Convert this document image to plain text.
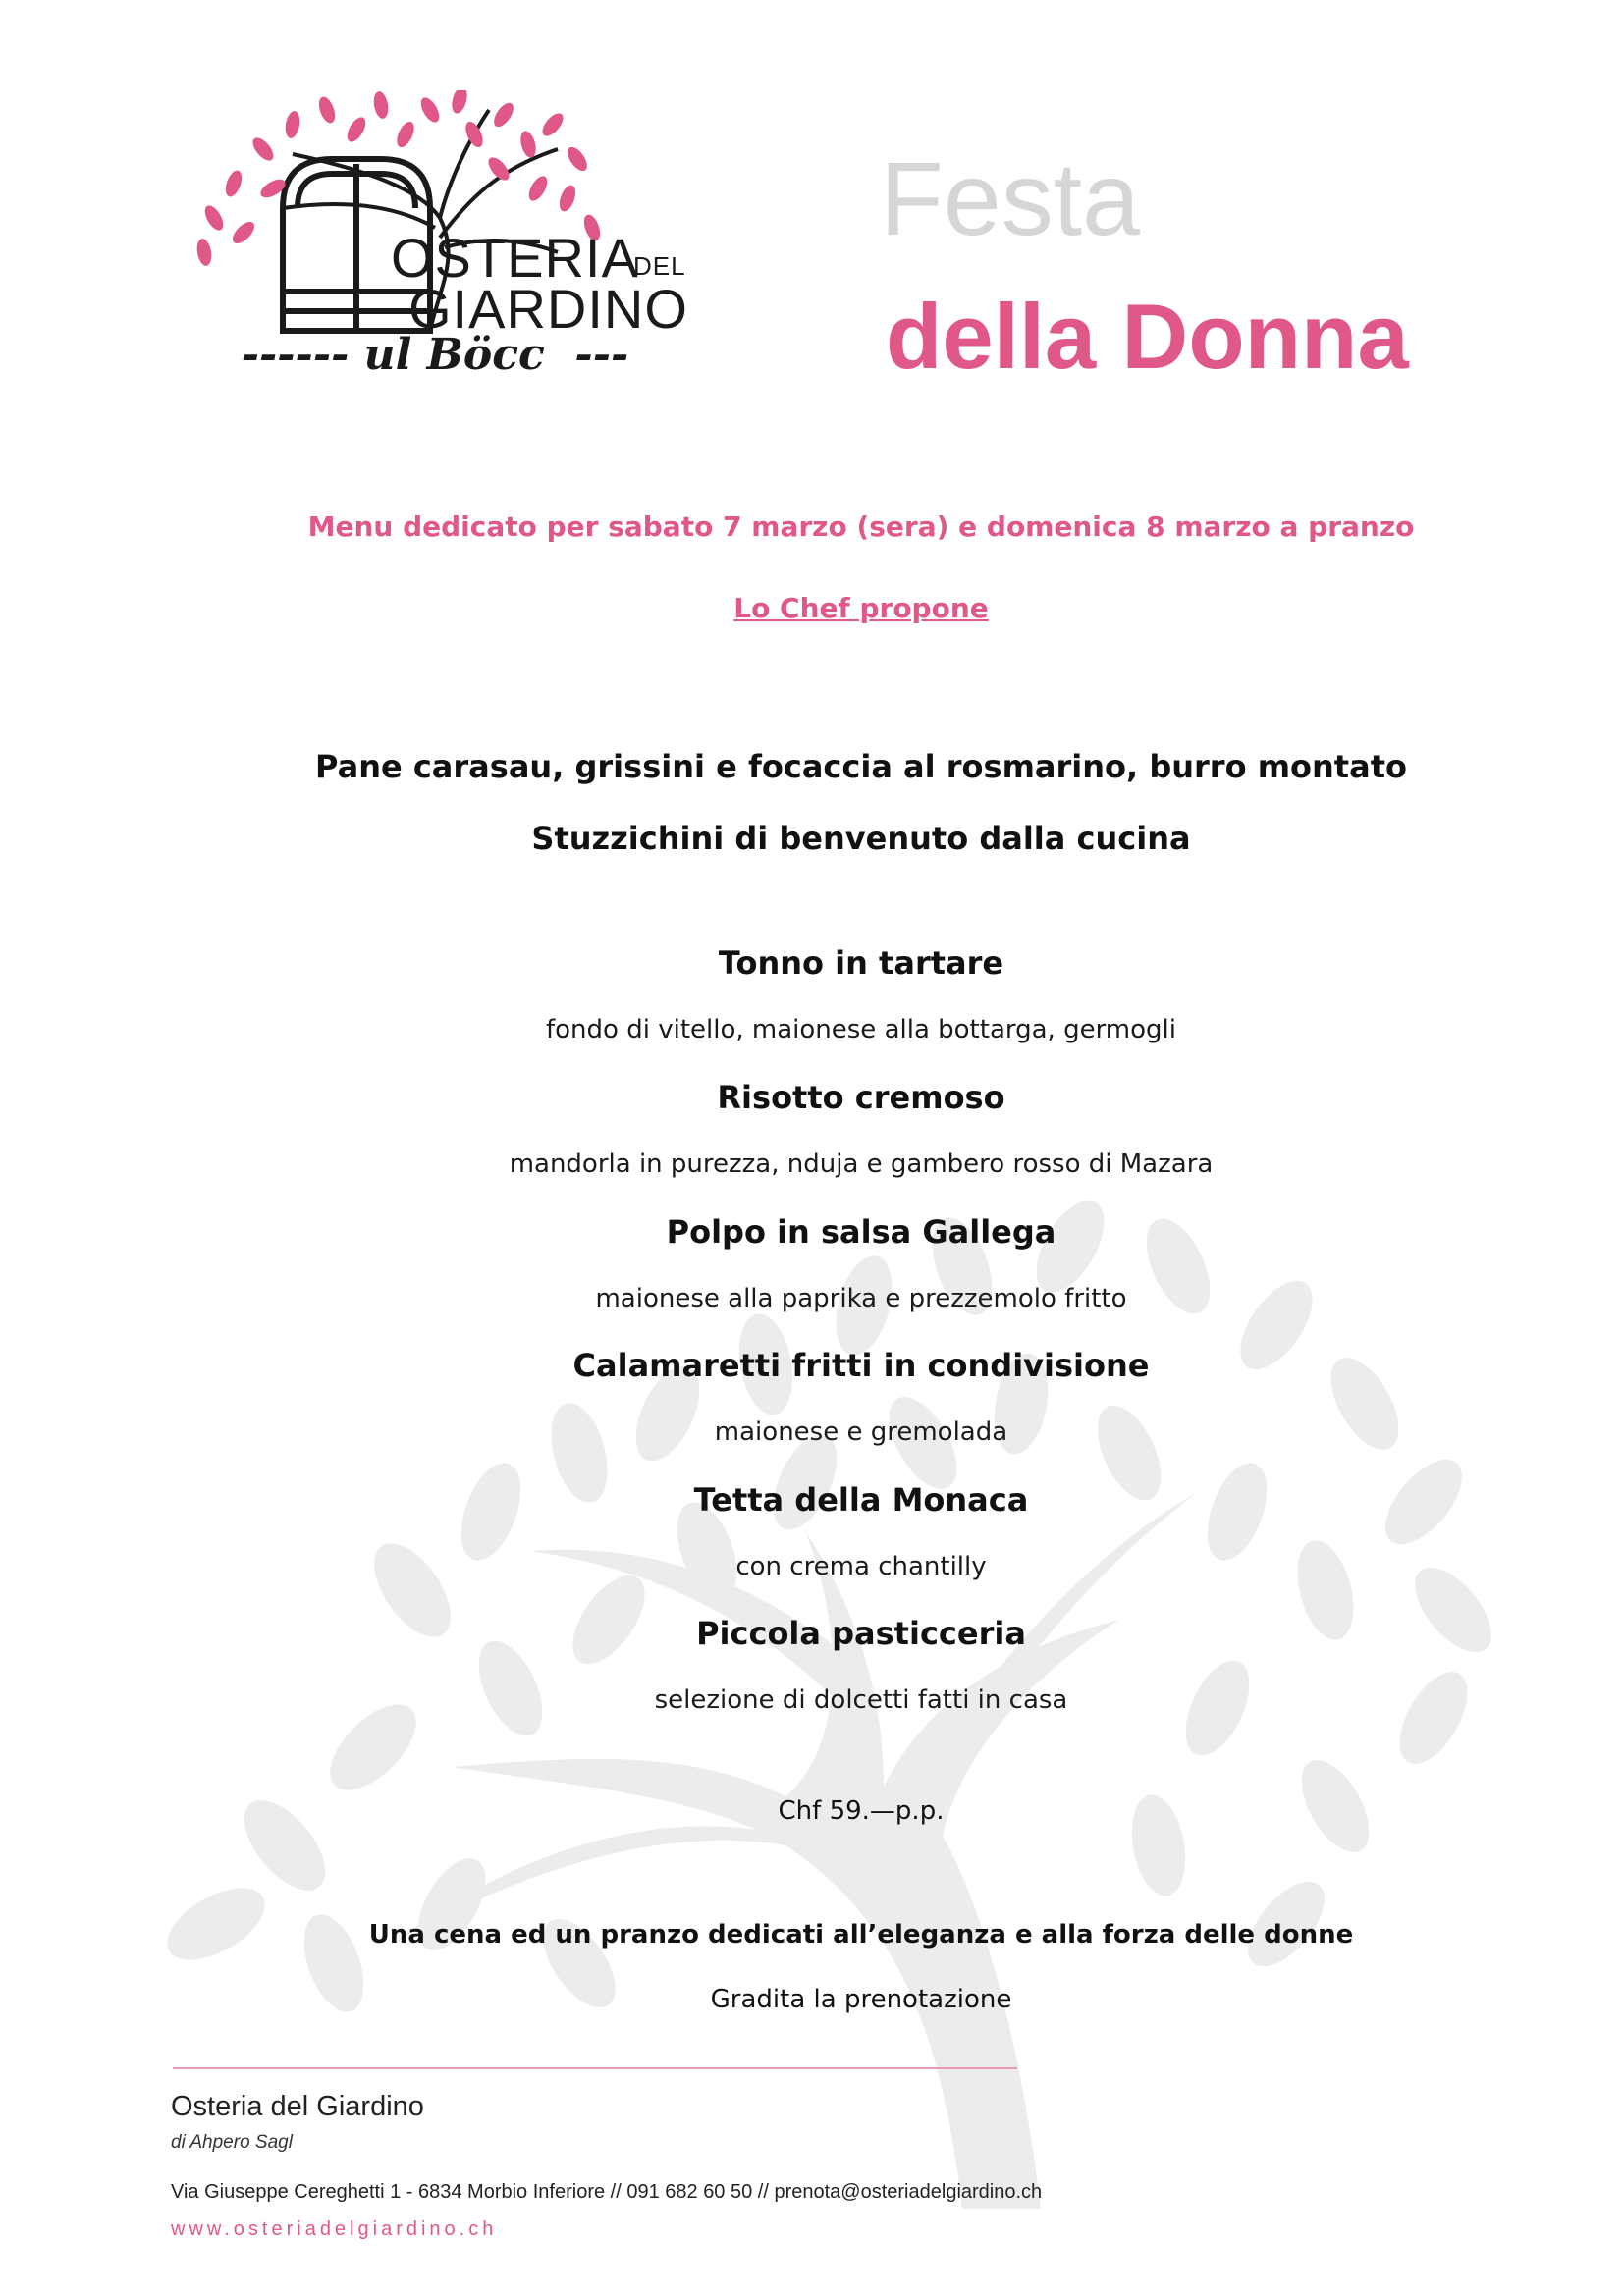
OSTERIA
DEL
GIARDINO
------ ul Böcc  ---
Festa
della Donna
Menu dedicato per sabato 7 marzo (sera) e domenica 8 marzo a pranzo
Lo Chef propone
Pane carasau, grissini e focaccia al rosmarino, burro montato
Stuzzichini di benvenuto dalla cucina
Tonno in tartare
fondo di vitello, maionese alla bottarga, germogli
Risotto cremoso
mandorla in purezza, nduja e gambero rosso di Mazara
Polpo in salsa Gallega
maionese alla paprika e prezzemolo fritto
Calamaretti fritti in condivisione
maionese e gremolada
Tetta della Monaca
con crema chantilly
Piccola pasticceria
selezione di dolcetti fatti in casa
Chf 59.—p.p.
Una cena ed un pranzo dedicati all’eleganza e alla forza delle donne
Gradita la prenotazione
Osteria del Giardino
di Ahpero Sagl
Via Giuseppe Cereghetti 1 - 6834 Morbio Inferiore // 091 682 60 50 // prenota@osteriadelgiardino.ch
www.osteriadelgiardino.ch
